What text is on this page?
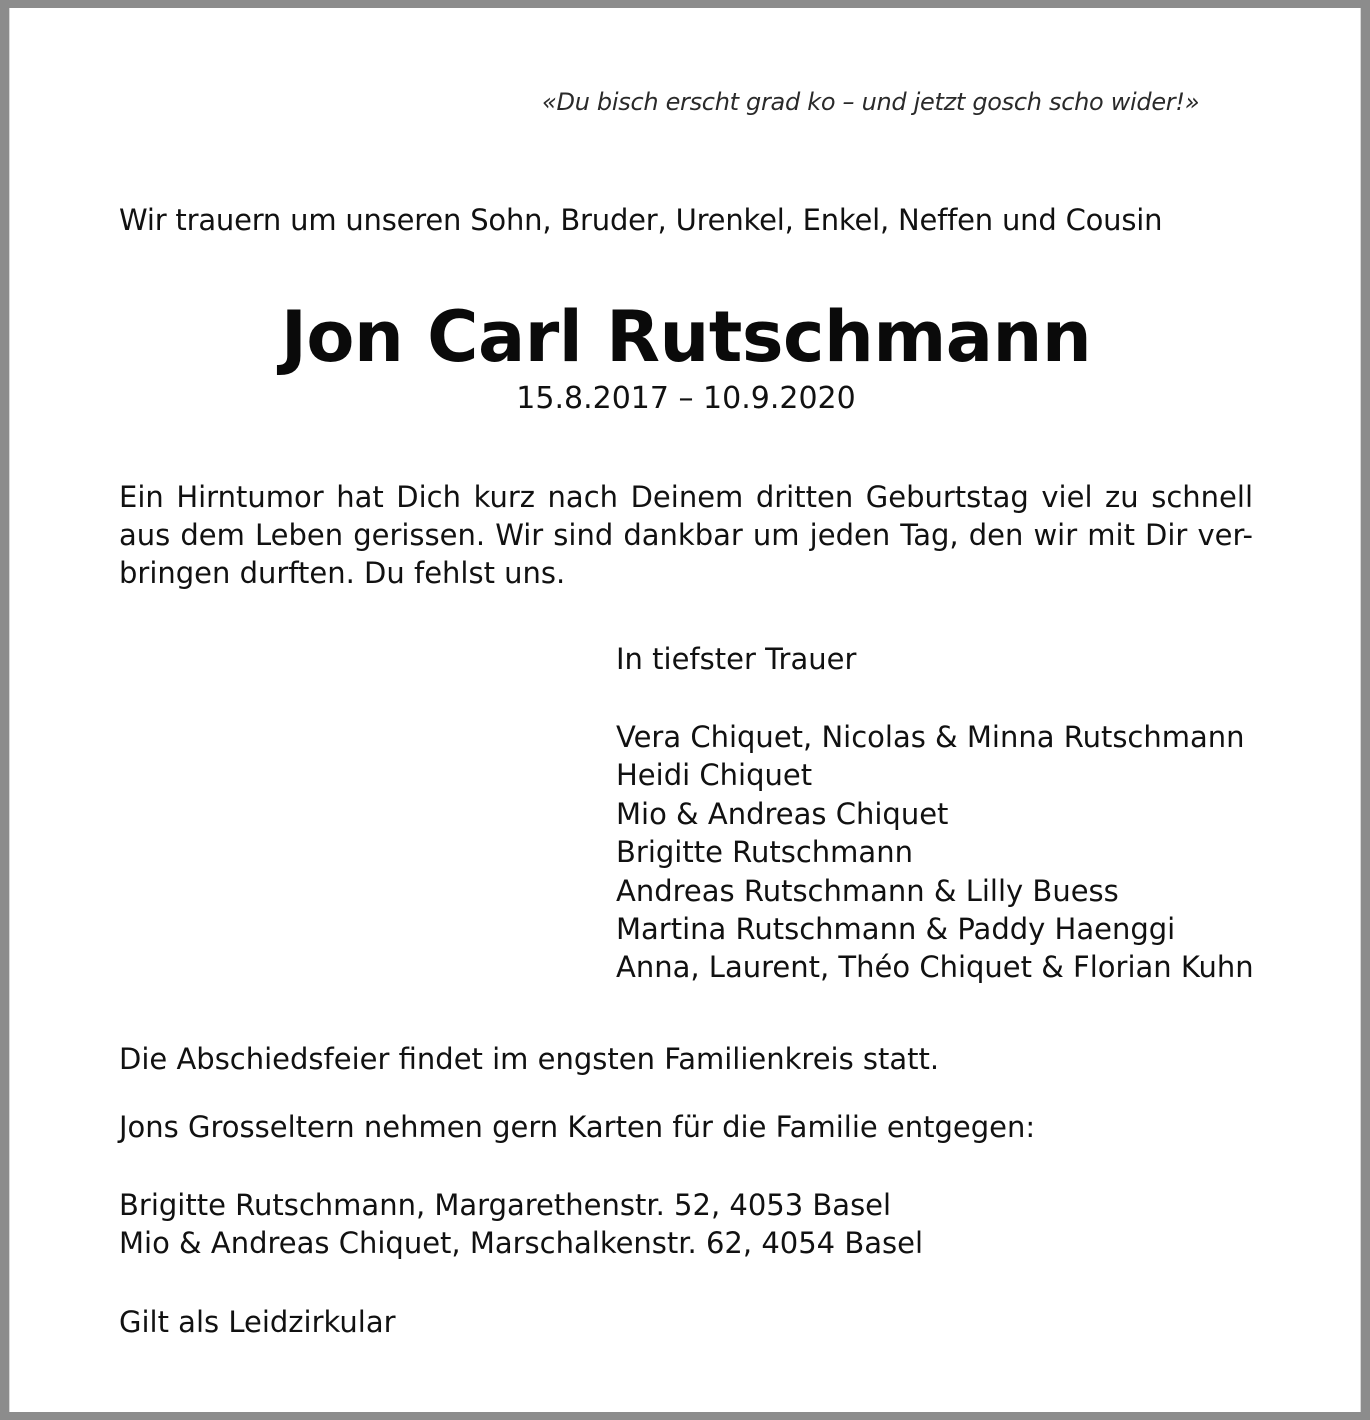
«Du bisch erscht grad ko – und jetzt gosch scho wider!»
Wir trauern um unseren Sohn, Bruder, Urenkel, Enkel, Neffen und Cousin
Jon Carl Rutschmann
15.8.2017 – 10.9.2020
Ein Hirntumor hat Dich kurz nach Deinem dritten Geburtstag viel zu schnell
aus dem Leben gerissen. Wir sind dankbar um jeden Tag, den wir mit Dir ver-
bringen durften. Du fehlst uns.
In tiefster Trauer
Vera Chiquet, Nicolas & Minna Rutschmann
Heidi Chiquet
Mio & Andreas Chiquet
Brigitte Rutschmann
Andreas Rutschmann & Lilly Buess
Martina Rutschmann & Paddy Haenggi
Anna, Laurent, Théo Chiquet & Florian Kuhn
Die Abschiedsfeier findet im engsten Familienkreis statt.
Jons Grosseltern nehmen gern Karten für die Familie entgegen:
Brigitte Rutschmann, Margarethenstr. 52, 4053 Basel
Mio & Andreas Chiquet, Marschalkenstr. 62, 4054 Basel
Gilt als Leidzirkular
